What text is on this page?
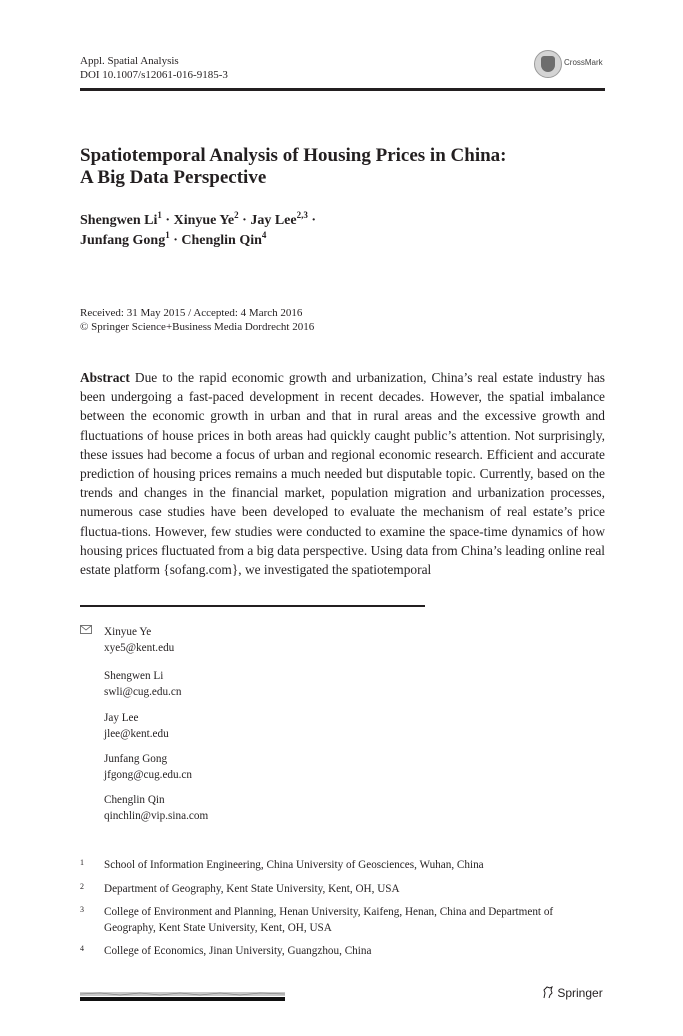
Appl. Spatial Analysis
DOI 10.1007/s12061-016-9185-3
CrossMark
Spatiotemporal Analysis of Housing Prices in China:
A Big Data Perspective
Shengwen $Li^1$ · Xinyue $Ye^2$ · Jay Lee$^{2,3}$ ·
Junfang Gong$^1$ · Chenglin Qin$^4$
Received: 31 May 2015 / Accepted: 4 March 2016
© Springer Science+Business Media Dordrecht 2016
Abstract Due to the rapid economic growth and urbanization, China’s real estate industry has been undergoing a fast-paced development in recent decades. However, the spatial imbalance between the economic growth in urban and that in rural areas and the excessive growth and fluctuations of house prices in both areas had quickly caught public’s attention. Not surprisingly, these issues had become a focus of urban and regional economic research. Efficient and accurate prediction of housing prices remains a much needed but disputable topic. Currently, based on the trends and changes in the financial market, population migration and urbanization processes, numerous case studies have been developed to evaluate the mechanism of real estate’s price fluctua-tions. However, few studies were conducted to examine the space-time dynamics of how housing prices fluctuated from a big data perspective. Using data from China’s leading online real estate platform {sofang.com}, we investigated the spatiotemporal
Xinyue Ye
xye5@kent.edu
Shengwen Li
swli@cug.edu.cn
Jay Lee
jlee@kent.edu
Junfang Gong
jfgong@cug.edu.cn
Chenglin Qin
qinchlin@vip.sina.com
1 School of Information Engineering, China University of Geosciences, Wuhan, China
2 Department of Geography, Kent State University, Kent, OH, USA
3 College of Environment and Planning, Henan University, Kaifeng, Henan, China and Department of Geography, Kent State University, Kent, OH, USA
4 College of Economics, Jinan University, Guangzhou, China
Springer
